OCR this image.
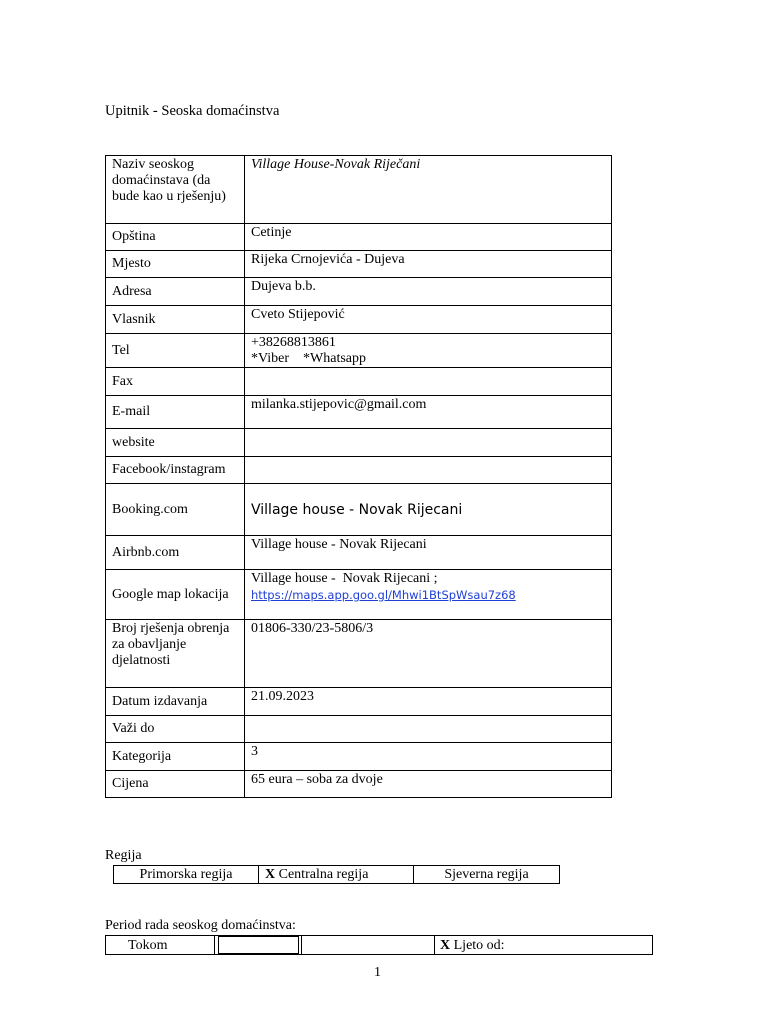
Upitnik - Seoska domaćinstva
Naziv seoskog domaćinstava (da bude kao u rješenju)	Village House-Novak Riječani
Opština	Cetinje
Mjesto	Rijeka Crnojevića - Dujeva
Adresa	Dujeva b.b.
Vlasnik	Cveto Stijepović
Tel	+38268813861
*Viber    *Whatsapp

Fax	
E-mail	milanka.stijepovic@gmail.com
website	
Facebook/instagram	
Booking.com	Village house - Novak Rijecani
Airbnb.com	Village house - Novak Rijecani
Google map lokacija	Village house -  Novak Rijecani ;
https://maps.app.goo.gl/Mhwi1BtSpWsau7z68

Broj rješenja obrenja za obavljanje djelatnosti	01806-330/23-5806/3
Datum izdavanja	21.09.2023
Važi do	
Kategorija	3
Cijena	65 eura – soba za dvoje
Regija
Primorska regija	X Centralna regija	Sjeverna regija
Period rada seoskog domaćinstva:
Tokom			X Ljeto od:
1
